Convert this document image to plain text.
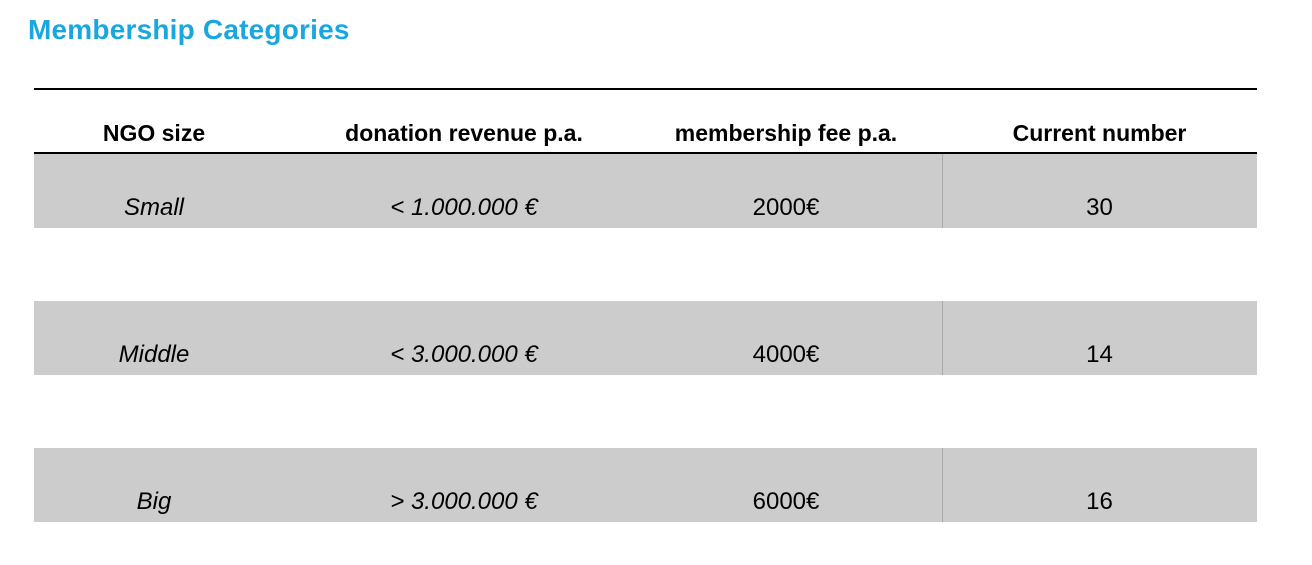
Membership Categories
NGO size	donation revenue p.a.	membership fee p.a.	Current number
Small	< 1.000.000 €	2000€	30
Middle	< 3.000.000 €	4000€	14
Big	> 3.000.000 €	6000€	16
